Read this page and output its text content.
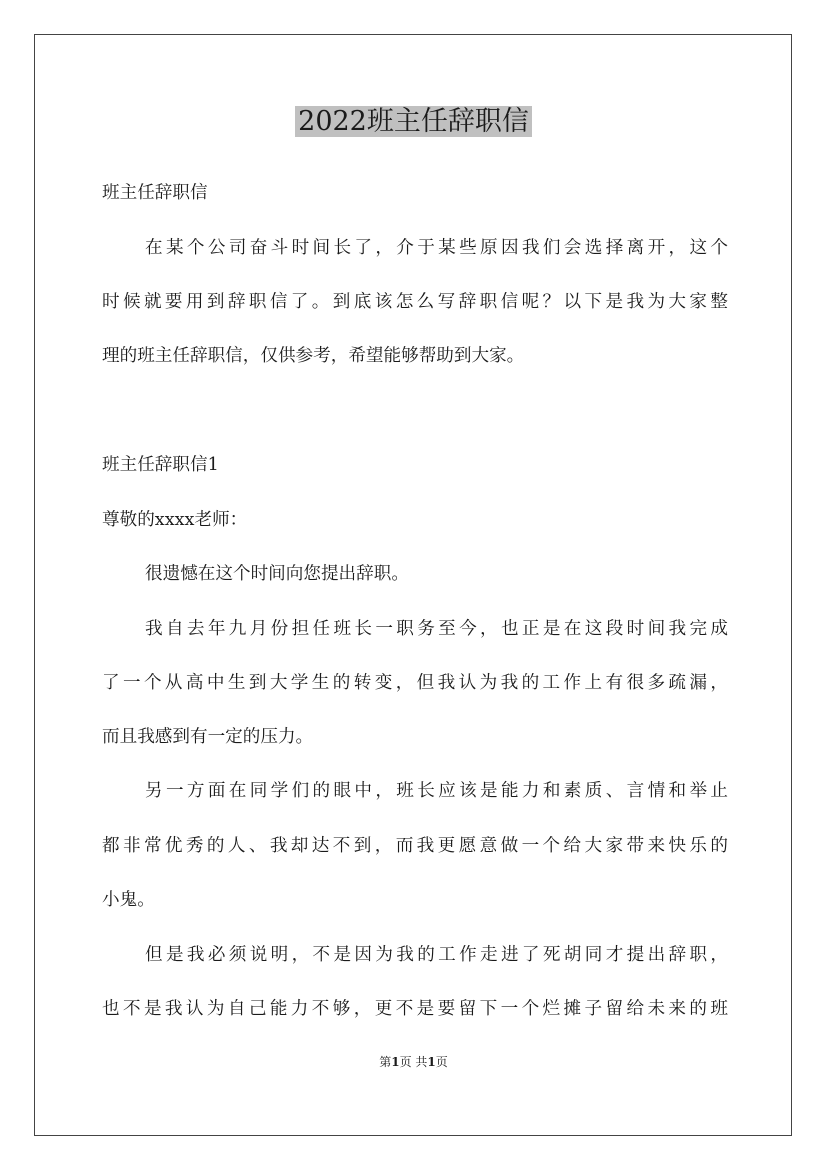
2022班主任辞职信

班主任辞职信

在某个公司奋斗时间长了，介于某些原因我们会选择离开，这个

时候就要用到辞职信了。到底该怎么写辞职信呢？以下是我为大家整

理的班主任辞职信，仅供参考，希望能够帮助到大家。

班主任辞职信1

尊敬的xxxx老师：

很遗憾在这个时间向您提出辞职。

我自去年九月份担任班长一职务至今，也正是在这段时间我完成

了一个从高中生到大学生的转变，但我认为我的工作上有很多疏漏，

而且我感到有一定的压力。

另一方面在同学们的眼中，班长应该是能力和素质、言情和举止

都非常优秀的人、我却达不到，而我更愿意做一个给大家带来快乐的

小鬼。

但是我必须说明，不是因为我的工作走进了死胡同才提出辞职，

也不是我认为自己能力不够，更不是要留下一个烂摊子留给未来的班

第1页 共1页
